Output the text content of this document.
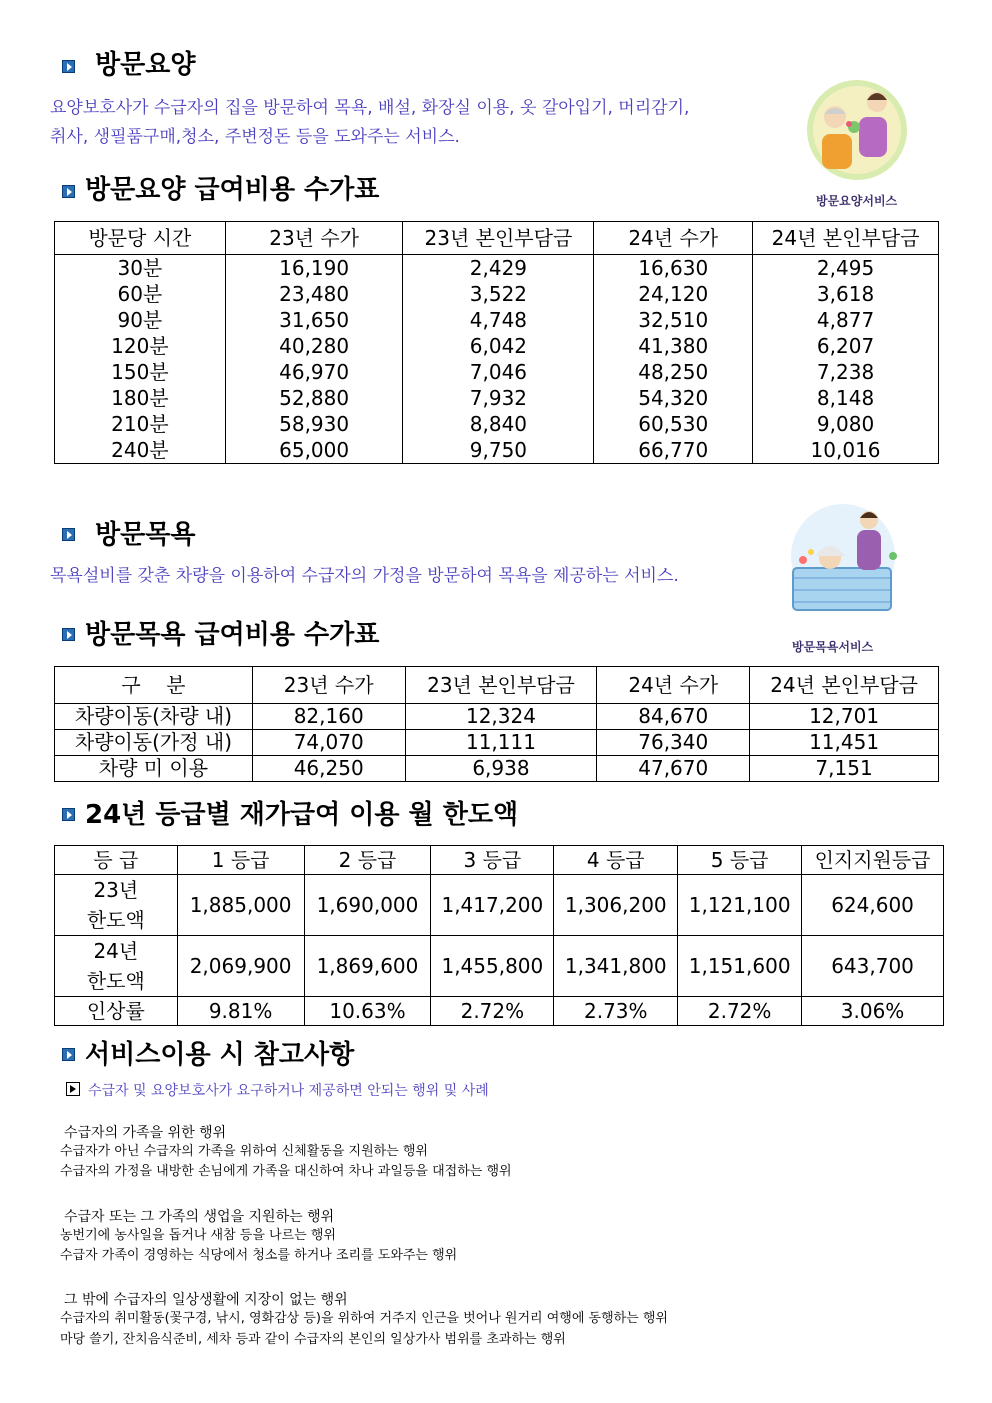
방문요양
요양보호사가 수급자의 집을 방문하여 목욕, 배설, 화장실 이용, 옷 갈아입기, 머리감기,
취사, 생필품구매,청소, 주변정돈 등을 도와주는 서비스.
방문요양서비스
방문요양 급여비용 수가표
방문당 시간	23년 수가	23년 본인부담금	24년 수가	24년 본인부담금
30분	16,190	2,429	16,630	2,495
60분	23,480	3,522	24,120	3,618
90분	31,650	4,748	32,510	4,877
120분	40,280	6,042	41,380	6,207
150분	46,970	7,046	48,250	7,238
180분	52,880	7,932	54,320	8,148
210분	58,930	8,840	60,530	9,080
240분	65,000	9,750	66,770	10,016
방문목욕
목욕설비를 갖춘 차량을 이용하여 수급자의 가정을 방문하여 목욕을 제공하는 서비스.
방문목욕서비스
방문목욕 급여비용 수가표
구    분	23년 수가	23년 본인부담금	24년 수가	24년 본인부담금
차량이동(차량 내)	82,160	12,324	84,670	12,701
차량이동(가정 내)	74,070	11,111	76,340	11,451
차량 미 이용	46,250	6,938	47,670	7,151
24년 등급별 재가급여 이용 월 한도액
등 급	1 등급	2 등급	3 등급	4 등급	5 등급	인지지원등급

23년
한도액	1,885,000	1,690,000	1,417,200	1,306,200	1,121,100	624,600

24년
한도액	2,069,900	1,869,600	1,455,800	1,341,800	1,151,600	643,700
인상률	9.81%	10.63%	2.72%	2.73%	2.72%	3.06%
서비스이용 시 참고사항
수급자 및 요양보호사가 요구하거나 제공하면 안되는 행위 및 사례
수급자의 가족을 위한 행위
수급자가 아닌 수급자의 가족을 위하여 신체활동을 지원하는 행위
수급자의 가정을 내방한 손님에게 가족을 대신하여 차나 과일등을 대접하는 행위
수급자 또는 그 가족의 생업을 지원하는 행위
농번기에 농사일을 돕거나 새참 등을 나르는 행위
수급자 가족이 경영하는 식당에서 청소를 하거나 조리를 도와주는 행위
그 밖에 수급자의 일상생활에 지장이 없는 행위
수급자의 취미활동(꽃구경, 낚시, 영화감상 등)을 위하여 거주지 인근을 벗어나 원거리 여행에 동행하는 행위
마당 쓸기, 잔치음식준비, 세차 등과 같이 수급자의 본인의 일상가사 범위를 초과하는 행위
